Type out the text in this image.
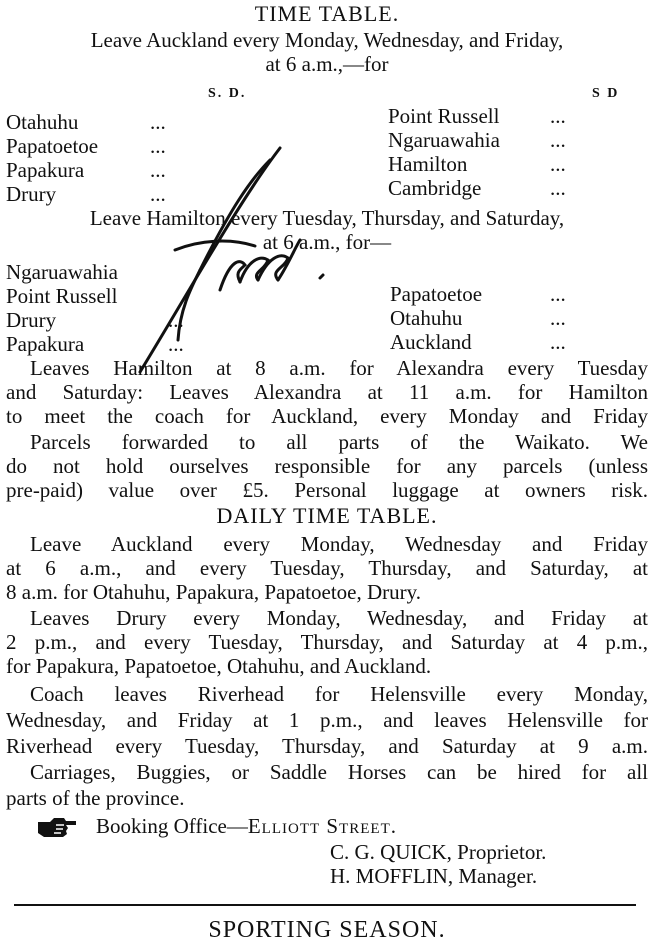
TIME TABLE.
Leave Auckland every Monday, Wednesday, and Friday,
at 6 a.m.,—for
S. D.	S D
Otahuhu
Papatoetoe
Papakura
Drury
...
...
...
...
Point Russell
Ngaruawahia
Hamilton
Cambridge
...
...
...
...
Leave Hamilton every Tuesday, Thursday, and Saturday,
at 6 a.m., for—
Ngaruawahia
Point Russell
Drury
Papakura
...
...
Papatoetoe
Otahuhu
Auckland
...
...
...
Free
Leaves Hamilton at 8 a.m. for Alexandra every Tuesday
and Saturday: Leaves Alexandra at 11 a.m. for Hamilton
to meet the coach for Auckland, every Monday and Friday
Parcels forwarded to all parts of the Waikato. We
do not hold ourselves responsible for any parcels (unless
pre-paid) value over £5. Personal luggage at owners risk.
DAILY TIME TABLE.
Leave Auckland every Monday, Wednesday and Friday
at 6 a.m., and every Tuesday, Thursday, and Saturday, at
8 a.m. for Otahuhu, Papakura, Papatoetoe, Drury.
Leaves Drury every Monday, Wednesday, and Friday at
2 p.m., and every Tuesday, Thursday, and Saturday at 4 p.m.,
for Papakura, Papatoetoe, Otahuhu, and Auckland.
Coach leaves Riverhead for Helensville every Monday,
Wednesday, and Friday at 1 p.m., and leaves Helensville for
Riverhead every Tuesday, Thursday, and Saturday at 9 a.m.
Carriages, Buggies, or Saddle Horses can be hired for all
parts of the province.
Booking Office—Elliott Street.
C. G. QUICK, Proprietor.
H. MOFFLIN, Manager.
SPORTING SEASON.
